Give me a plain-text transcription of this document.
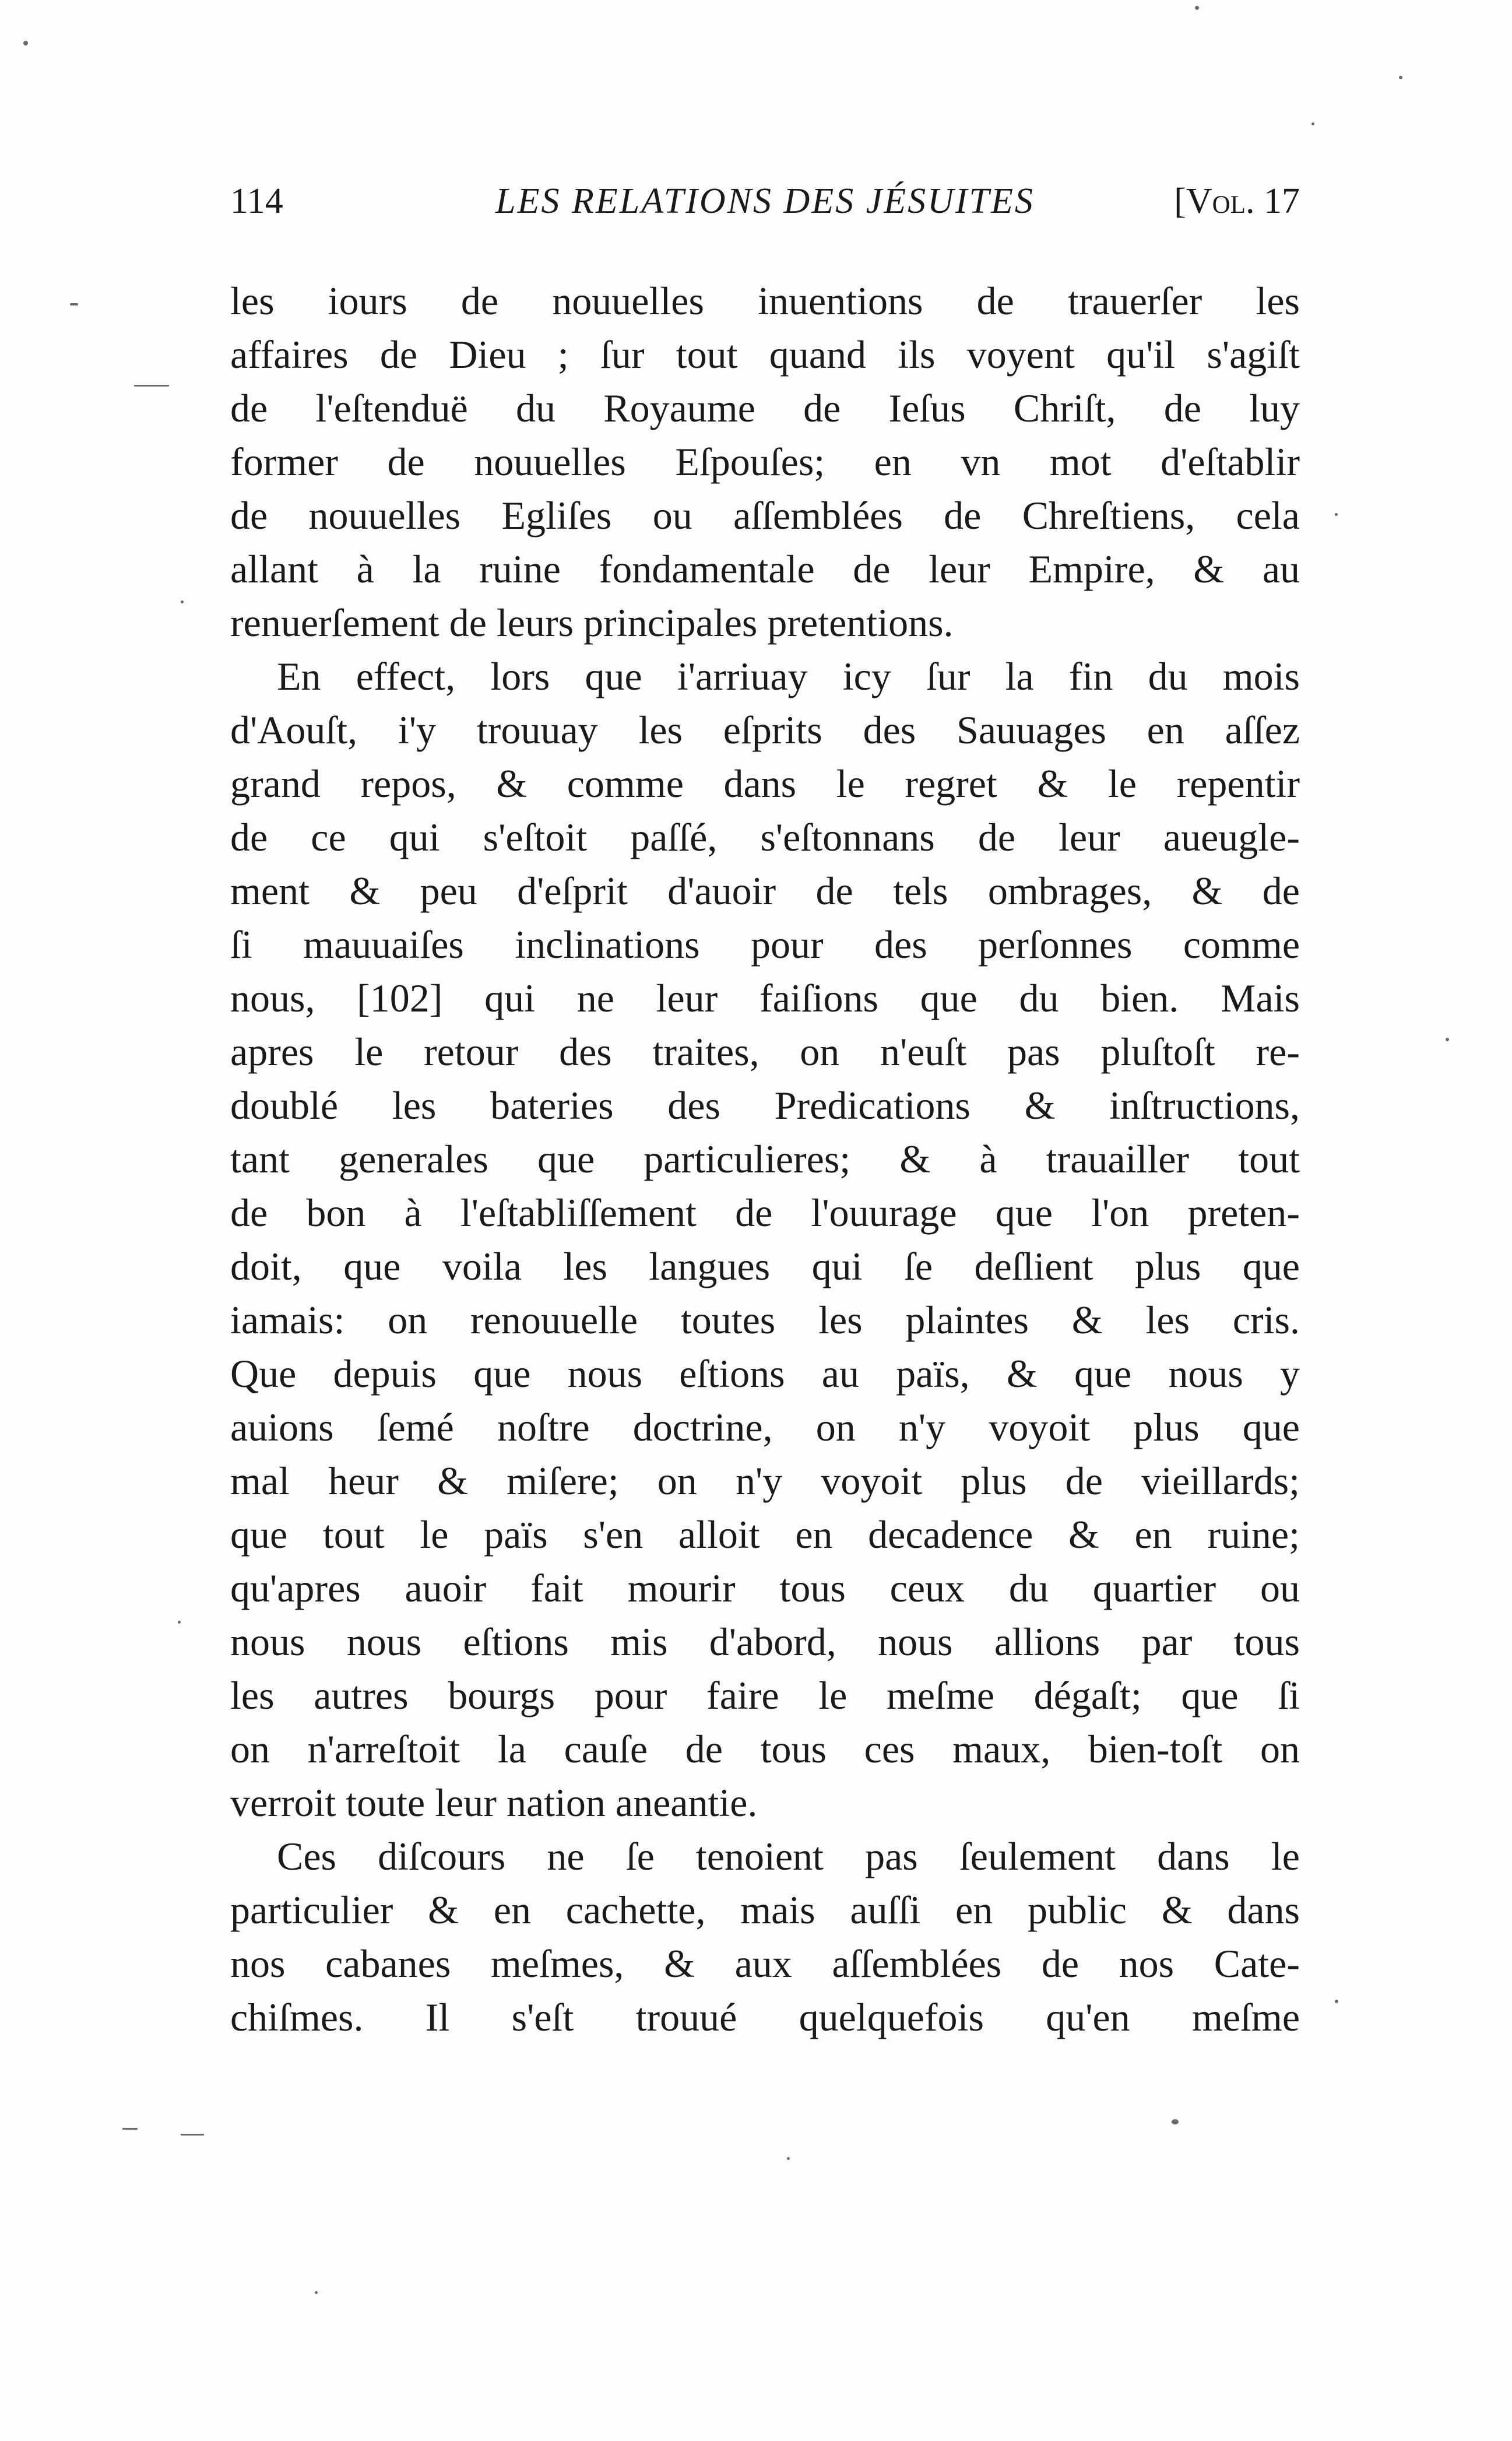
114	LES RELATIONS DES JÉSUITES	[Vol. 17
les iours de nouuelles inuentions de trauerſer les
affaires de Dieu ; ſur tout quand ils voyent qu'il s'agiſt
de l'eſtenduë du Royaume de Ieſus Chriſt, de luy
former de nouuelles Eſpouſes; en vn mot d'eſtablir
de nouuelles Egliſes ou aſſemblées de Chreſtiens, cela
allant à la ruine fondamentale de leur Empire, & au
renuerſement de leurs principales pretentions.
En effect, lors que i'arriuay icy ſur la fin du mois
d'Aouſt, i'y trouuay les eſprits des Sauuages en aſſez
grand repos, & comme dans le regret & le repentir
de ce qui s'eſtoit paſſé, s'eſtonnans de leur aueugle-
ment & peu d'eſprit d'auoir de tels ombrages, & de
ſi mauuaiſes inclinations pour des perſonnes comme
nous, [102] qui ne leur faiſions que du bien. Mais
apres le retour des traites, on n'euſt pas pluſtoſt re-
doublé les bateries des Predications & inſtructions,
tant generales que particulieres; & à trauailler tout
de bon à l'eſtabliſſement de l'ouurage que l'on preten-
doit, que voila les langues qui ſe deſlient plus que
iamais: on renouuelle toutes les plaintes & les cris.
Que depuis que nous eſtions au païs, & que nous y
auions ſemé noſtre doctrine, on n'y voyoit plus que
mal heur & miſere; on n'y voyoit plus de vieillards;
que tout le païs s'en alloit en decadence & en ruine;
qu'apres auoir fait mourir tous ceux du quartier ou
nous nous eſtions mis d'abord, nous allions par tous
les autres bourgs pour faire le meſme dégaſt; que ſi
on n'arreſtoit la cauſe de tous ces maux, bien-toſt on
verroit toute leur nation aneantie.
Ces diſcours ne ſe tenoient pas ſeulement dans le
particulier & en cachette, mais auſſi en public & dans
nos cabanes meſmes, & aux aſſemblées de nos Cate-
chiſmes. Il s'eſt trouué quelquefois qu'en meſme
